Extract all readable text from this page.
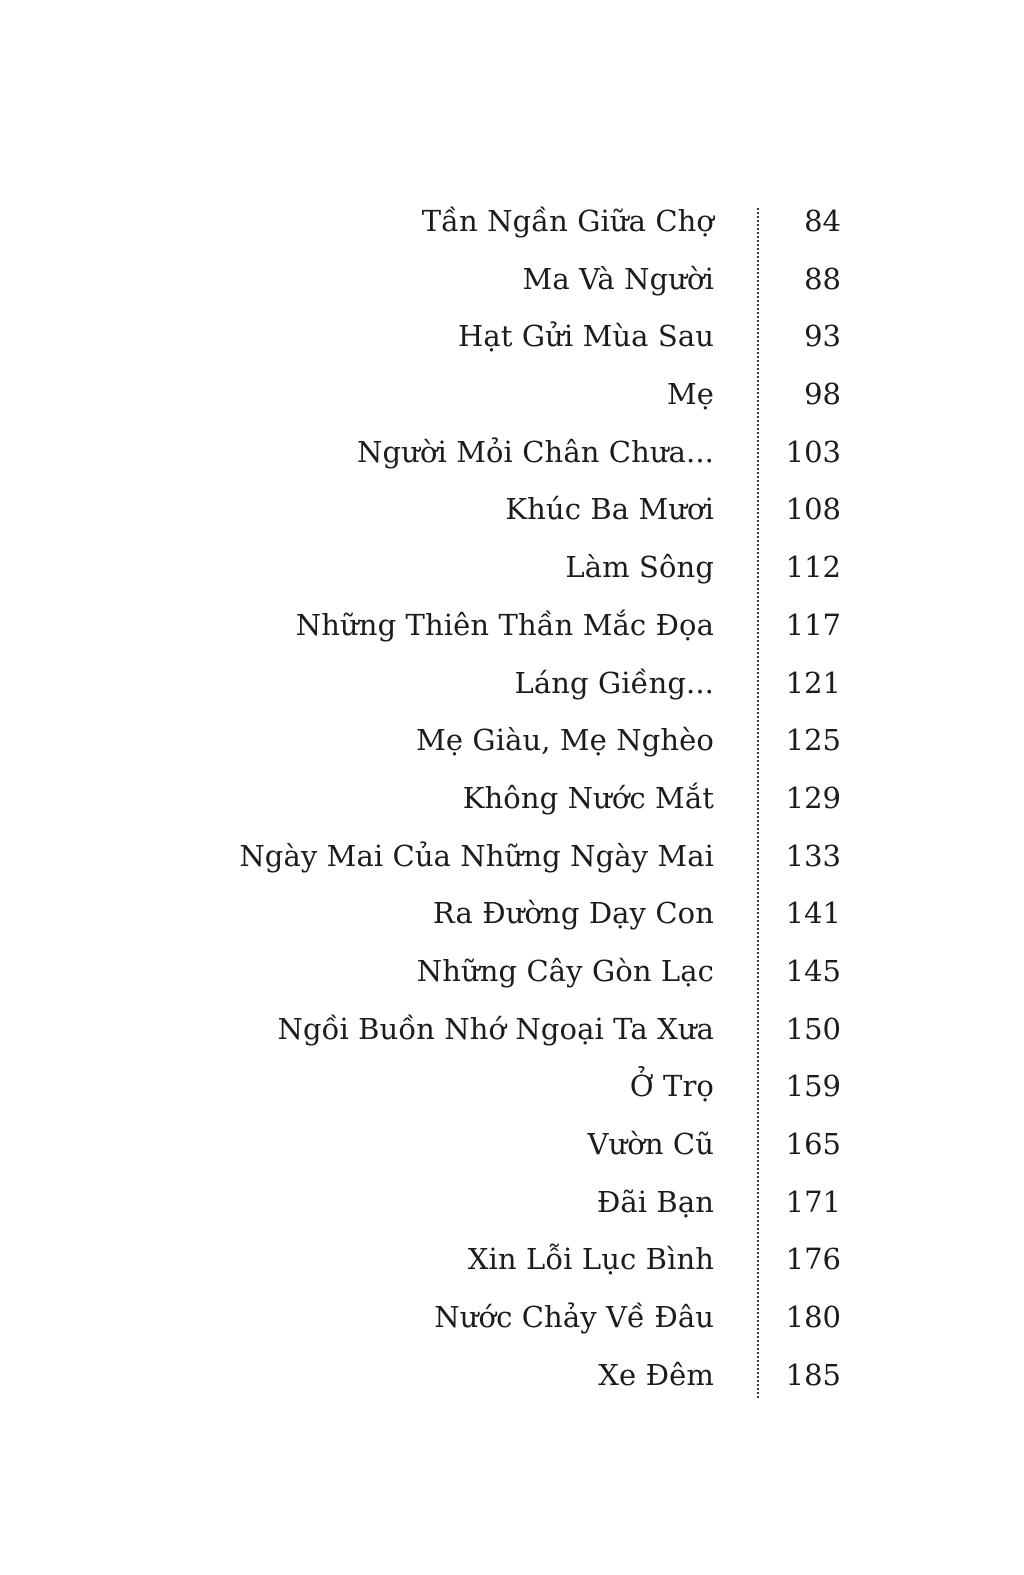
Tần Ngần Giữa Chợ	84
Ma Và Người	88
Hạt Gửi Mùa Sau	93
Mẹ	98
Người Mỏi Chân Chưa... 103
Khúc Ba Mươi 108
Làm Sông 112
Những Thiên Thần Mắc Đọa 117
Láng Giềng... 121
Mẹ Giàu, Mẹ Nghèo 125
Không Nước Mắt 129
Ngày Mai Của Những Ngày Mai 133
Ra Đường Dạy Con 141
Những Cây Gòn Lạc 145
Ngồi Buồn Nhớ Ngoại Ta Xưa 150
Ở Trọ 159
Vườn Cũ 165
Đãi Bạn 171
Xin Lỗi Lục Bình 176
Nước Chảy Về Đâu 180
Xe Đêm 185
